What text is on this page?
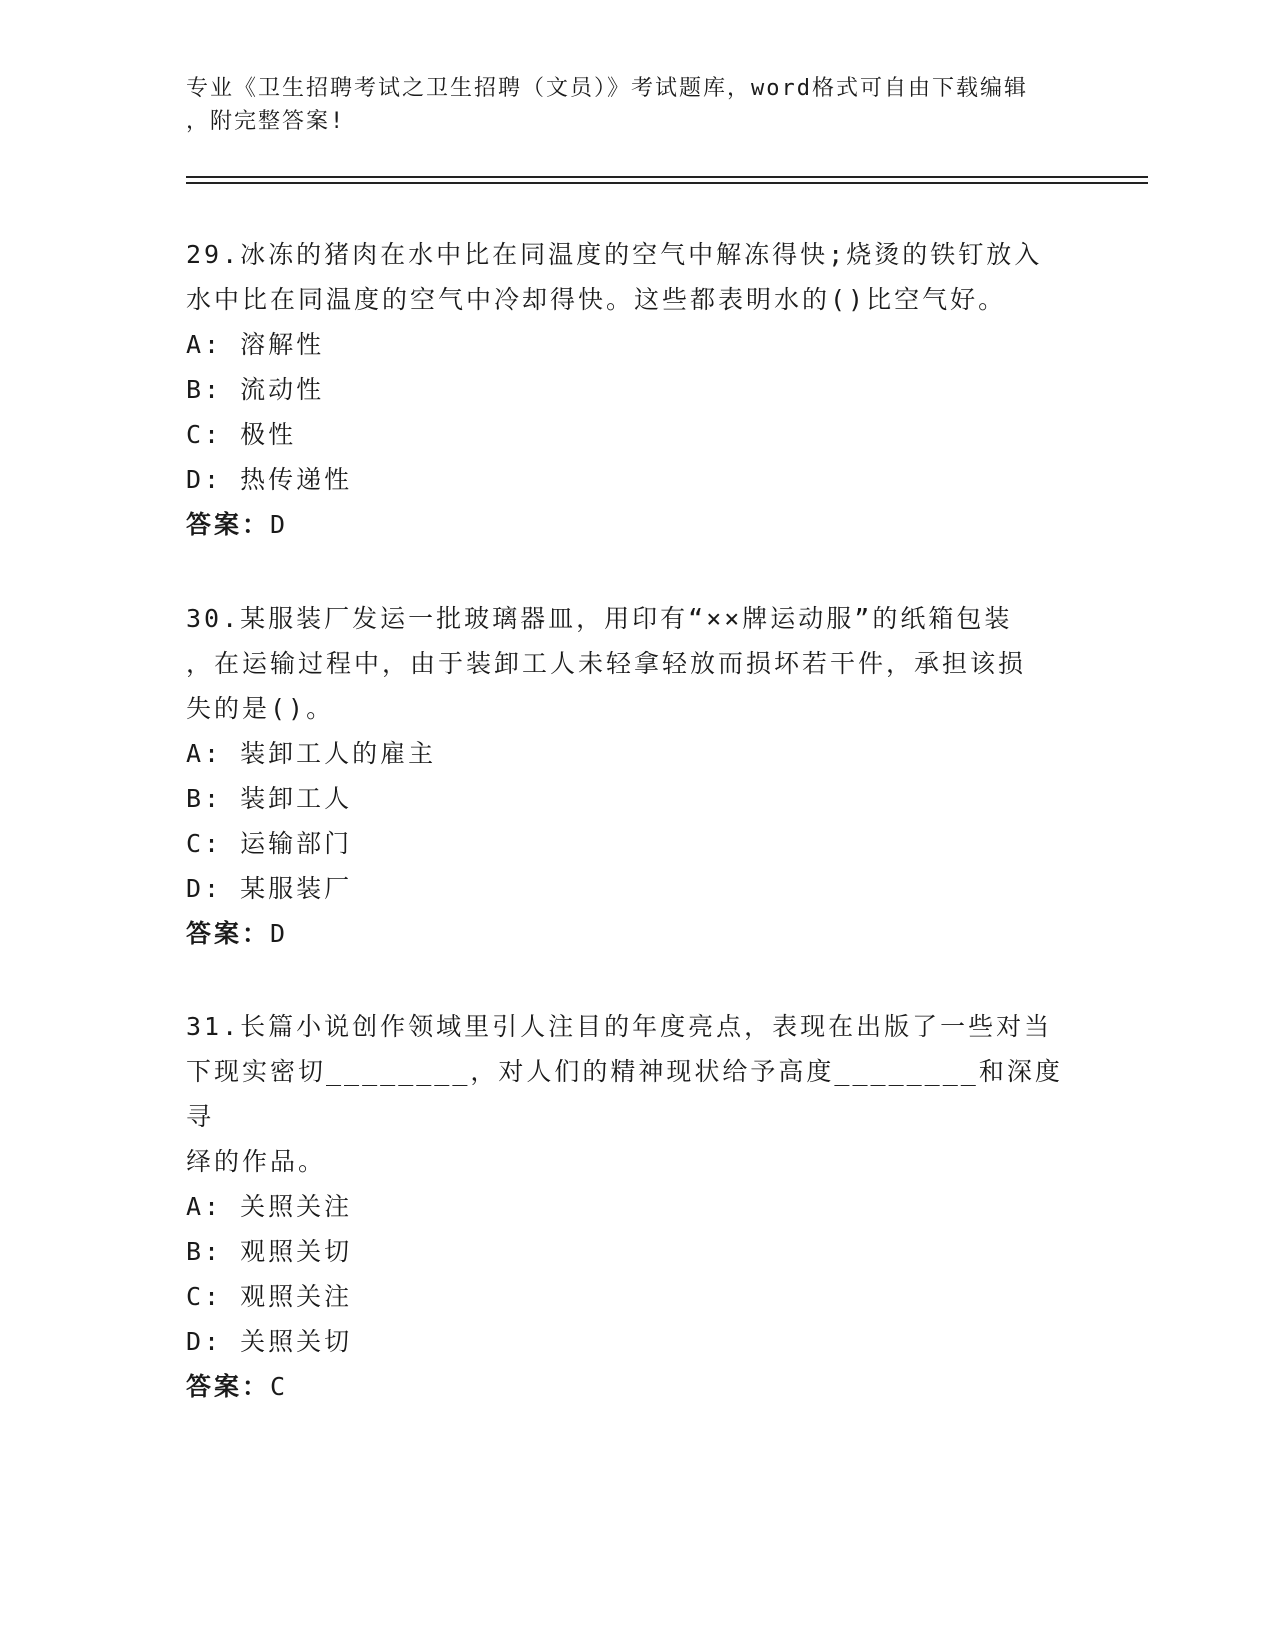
专业《卫生招聘考试之卫生招聘（文员）》考试题库，word格式可自由下载编辑
，附完整答案!

29.冰冻的猪肉在水中比在同温度的空气中解冻得快;烧烫的铁钉放入

水中比在同温度的空气中冷却得快。这些都表明水的()比空气好。

A: 溶解性

B: 流动性

C: 极性

D: 热传递性

答案：D

30.某服装厂发运一批玻璃器皿，用印有“××牌运动服”的纸箱包装

，在运输过程中，由于装卸工人未轻拿轻放而损坏若干件，承担该损

失的是()。

A: 装卸工人的雇主

B: 装卸工人

C: 运输部门

D: 某服装厂

答案：D

31.长篇小说创作领域里引人注目的年度亮点，表现在出版了一些对当

下现实密切________，对人们的精神现状给予高度________和深度寻

绎的作品。

A: 关照关注

B: 观照关切

C: 观照关注

D: 关照关切

答案：C
